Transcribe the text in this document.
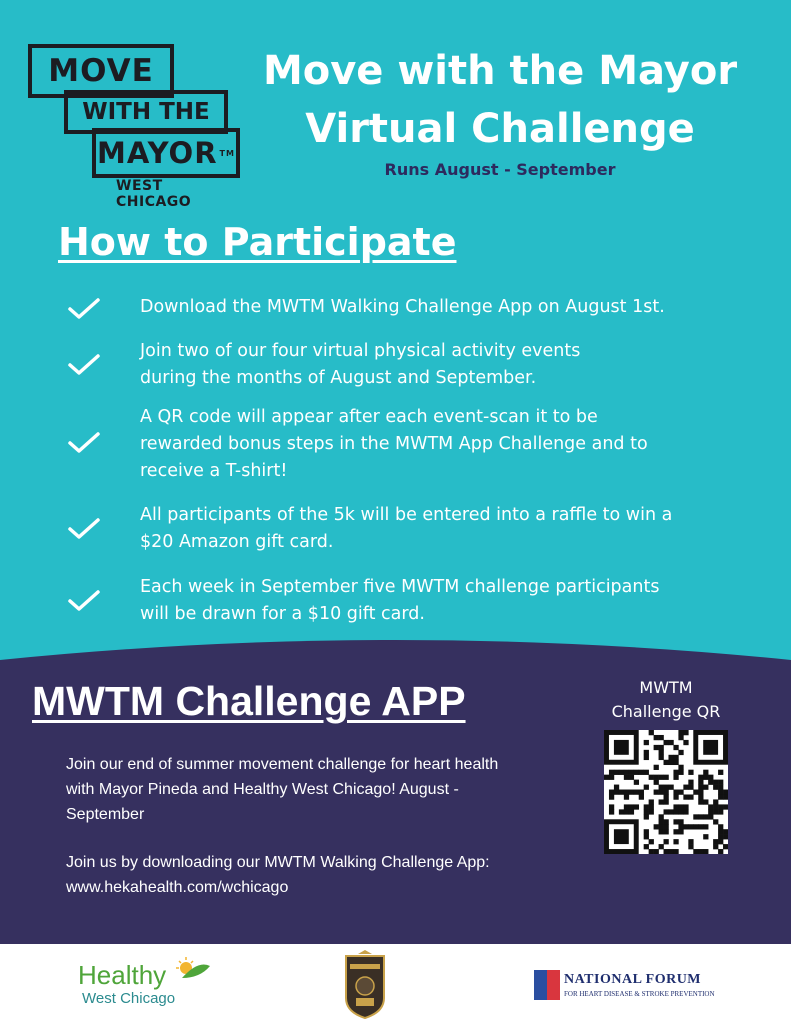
MOVE
WITH THE
MAYOR TM
WEST CHICAGO
Move with the Mayor
Virtual Challenge
Runs August - September
How to Participate
Download the MWTM Walking Challenge App on August 1st.
Join two of our four virtual physical activity events
during the months of August and September.
A QR code will appear after each event-scan it to be
rewarded bonus steps in the MWTM App Challenge and to
receive a T-shirt!
All participants of the 5k will be entered into a raffle to win a
$20 Amazon gift card.
Each week in September five MWTM challenge participants
will be drawn for a $10 gift card.
MWTM Challenge APP
Join our end of summer movement challenge for heart health
with Mayor Pineda and Healthy West Chicago! August -
September
Join us by downloading our MWTM Walking Challenge App:
www.hekahealth.com/wchicago
MWTM
Challenge QR
Healthy
West Chicago
NATIONAL FORUM
FOR HEART DISEASE & STROKE PREVENTION
